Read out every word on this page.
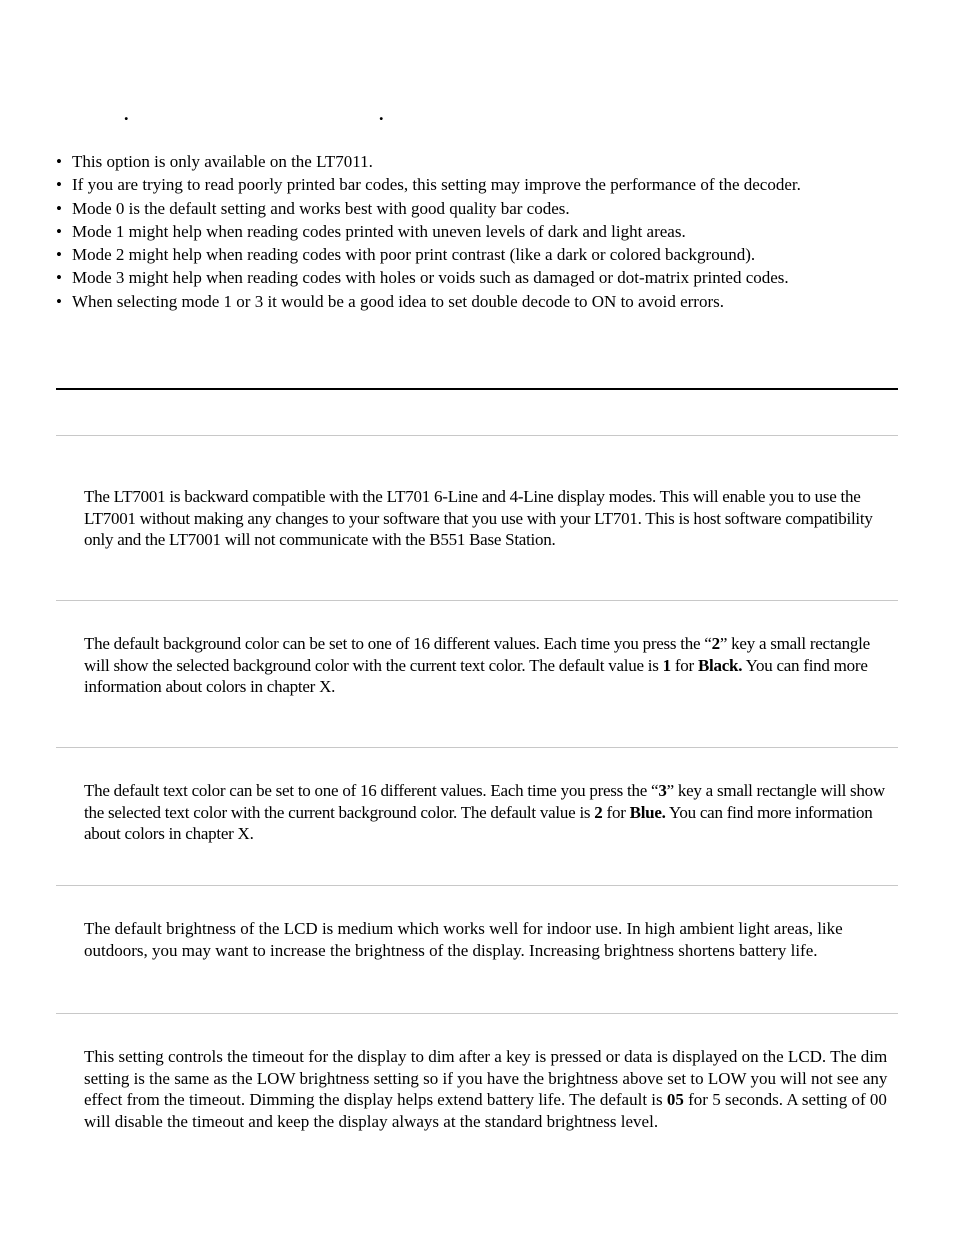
.	.
• This option is only available on the LT7011.
• If you are trying to read poorly printed bar codes, this setting may improve the performance of the decoder.
• Mode 0 is the default setting and works best with good quality bar codes.
• Mode 1 might help when reading codes printed with uneven levels of dark and light areas.
• Mode 2 might help when reading codes with poor print contrast (like a dark or colored background).
• Mode 3 might help when reading codes with holes or voids such as damaged or dot-matrix printed codes.
• When selecting mode 1 or 3 it would be a good idea to set double decode to ON to avoid errors.

The LT7001 is backward compatible with the LT701 6-Line and 4-Line display modes. This will enable you to use the LT7001 without making any changes to your software that you use with your LT701. This is host software compatibility only and the LT7001 will not communicate with the B551 Base Station.

The default background color can be set to one of 16 different values. Each time you press the “2” key a small rectangle will show the selected background color with the current text color. The default value is 1 for Black. You can find more information about colors in chapter X.

The default text color can be set to one of 16 different values. Each time you press the “3” key a small rectangle will show the selected text color with the current background color. The default value is 2 for Blue. You can find more information about colors in chapter X.

The default brightness of the LCD is medium which works well for indoor use. In high ambient light areas, like outdoors, you may want to increase the brightness of the display. Increasing brightness shortens battery life.

This setting controls the timeout for the display to dim after a key is pressed or data is displayed on the LCD. The dim setting is the same as the LOW brightness setting so if you have the brightness above set to LOW you will not see any effect from the timeout. Dimming the display helps extend battery life. The default is 05 for 5 seconds. A setting of 00 will disable the timeout and keep the display always at the standard brightness level.
